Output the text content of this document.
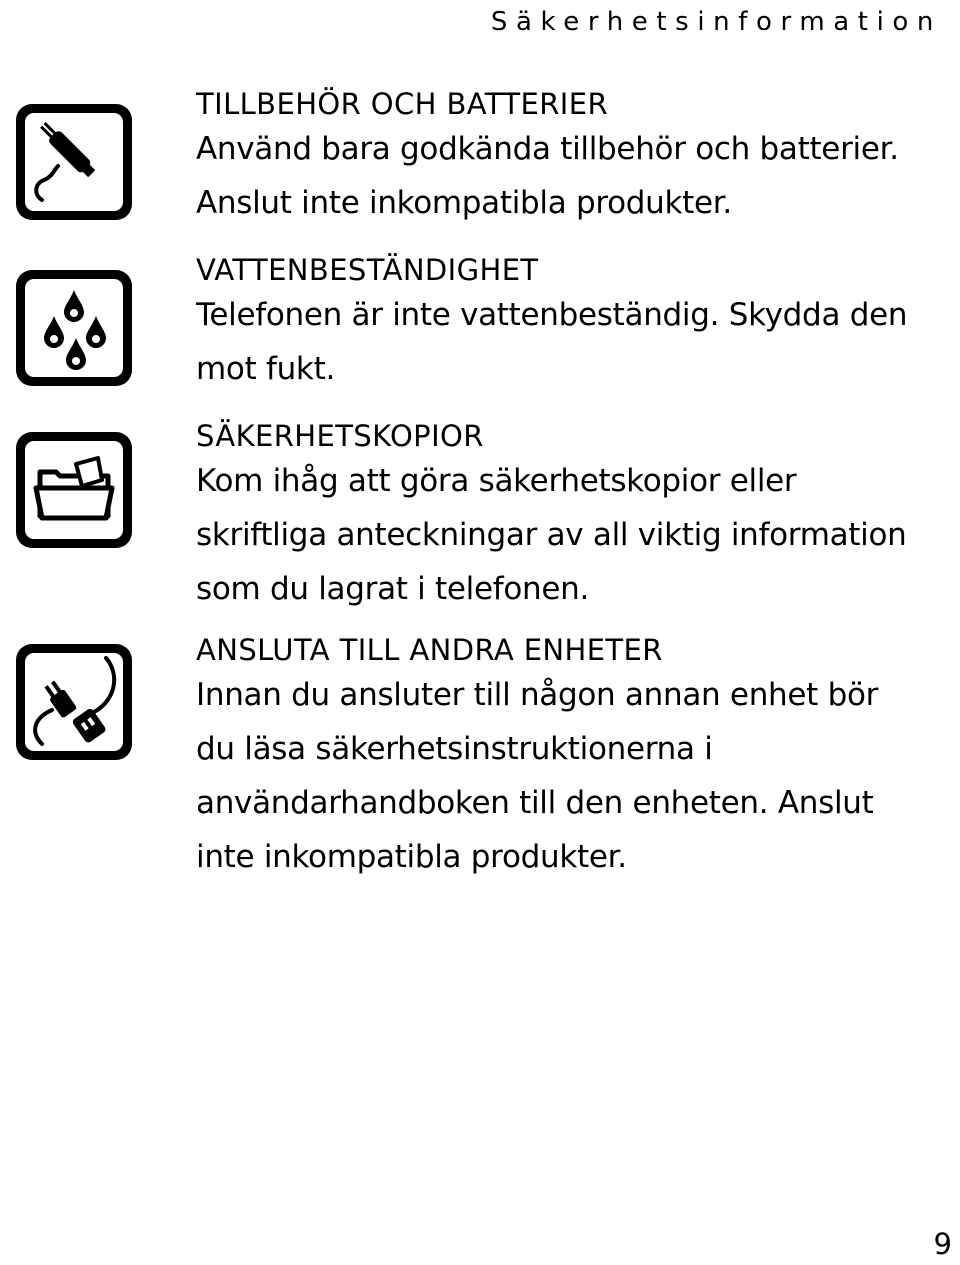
Säkerhetsinformation
TILLBEHÖR OCH BATTERIER
Använd bara godkända tillbehör och batterier.
Anslut inte inkompatibla produkter.
VATTENBESTÄNDIGHET
Telefonen är inte vattenbeständig. Skydda den
mot fukt.
SÄKERHETSKOPIOR
Kom ihåg att göra säkerhetskopior eller
skriftliga anteckningar av all viktig information
som du lagrat i telefonen.
ANSLUTA TILL ANDRA ENHETER
Innan du ansluter till någon annan enhet bör
du läsa säkerhetsinstruktionerna i
användarhandboken till den enheten. Anslut
inte inkompatibla produkter.
9
